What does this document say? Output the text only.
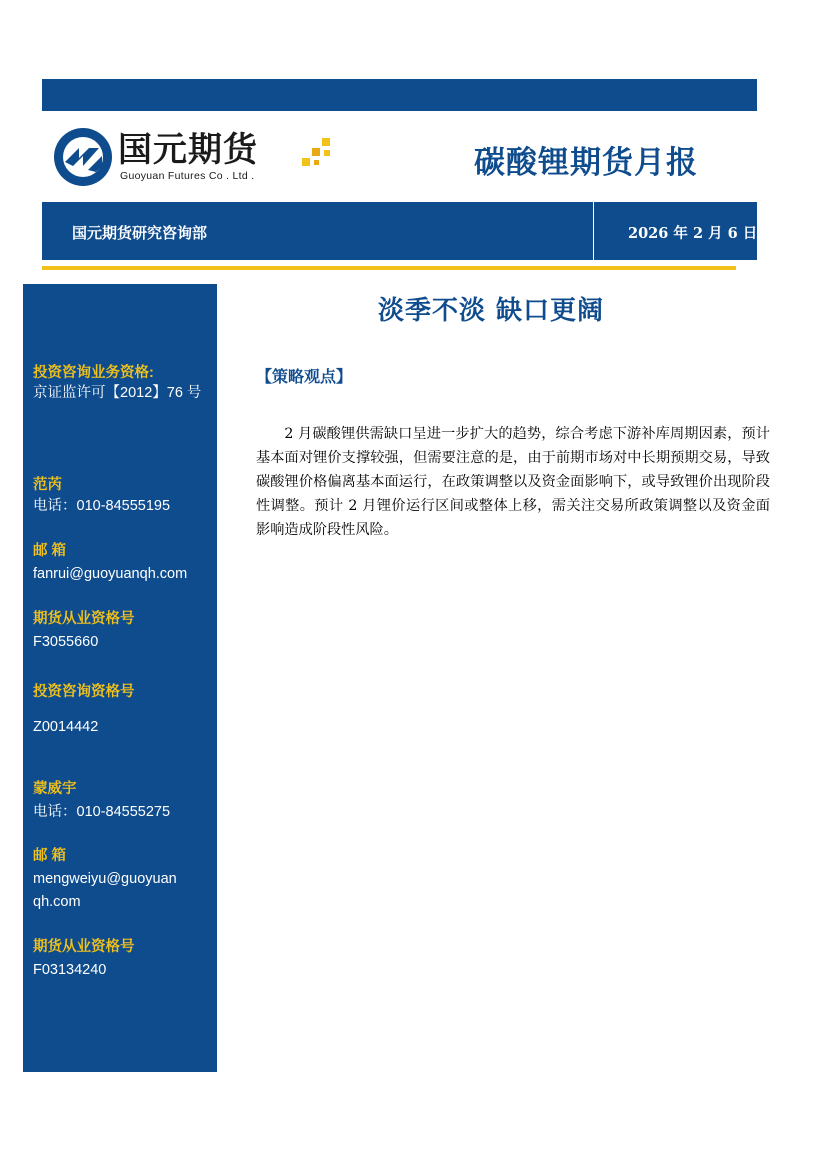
国元期货
Guoyuan Futures Co . Ltd .	碳酸锂期货月报
国元期货研究咨询部	2026 年 2 月 6 日
投资咨询业务资格:
京证监许可【2012】76 号
范芮
电话：010-84555195
邮 箱
fanrui@guoyuanqh.com
期货从业资格号
F3055660
投资咨询资格号
Z0014442
蒙威宇
电话：010-84555275
邮 箱
mengweiyu@guoyuan
qh.com
期货从业资格号
F03134240
淡季不淡 缺口更阔
【策略观点】

2 月碳酸锂供需缺口呈进一步扩大的趋势，综合考虑下游补库周期因素，预计基本面对锂价支撑较强，但需要注意的是，由于前期市场对中长期预期交易，导致碳酸锂价格偏离基本面运行，在政策调整以及资金面影响下，或导致锂价出现阶段性调整。预计 2 月锂价运行区间或整体上移，需关注交易所政策调整以及资金面影响造成阶段性风险。
